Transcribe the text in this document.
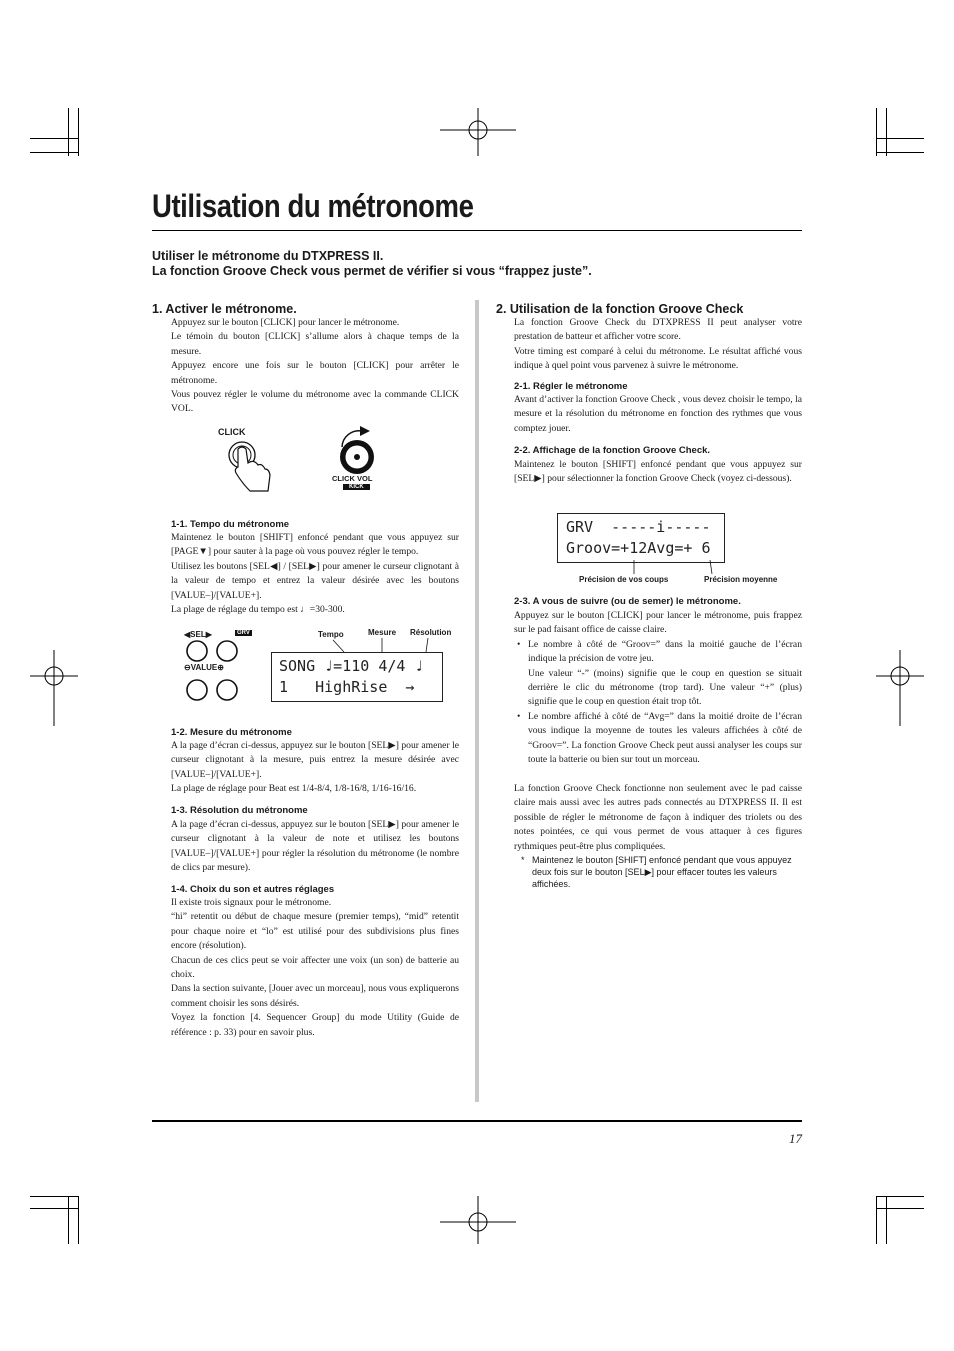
Utilisation du métronome
Utiliser le métronome du DTXPRESS II.
La fonction Groove Check vous permet de vérifier si vous “frappez juste”.
1. Activer le métronome.
Appuyez sur le bouton [CLICK] pour lancer le métronome.
Le témoin du bouton [CLICK] s’allume alors à chaque temps de la mesure.
Appuyez encore une fois sur le bouton [CLICK] pour arrêter le métronome.
Vous pouvez régler le volume du métronome avec la commande CLICK VOL.
CLICK
CLICK VOL
KICK
1-1. Tempo du métronome
Maintenez le bouton [SHIFT] enfoncé pendant que vous appuyez sur [PAGE▼] pour sauter à la page où vous pouvez régler le tempo.
Utilisez les boutons [SEL◀] / [SEL▶] pour amener le curseur clignotant à la valeur de tempo et entrez la valeur désirée avec les boutons [VALUE–]/[VALUE+].
La plage de réglage du tempo est ♩=30-300.
◀SEL▶	GRV
⊖VALUE⊕
Tempo	Mesure Résolution
SONG ♩=110 4/4 ♩
1   HighRise  →
1-2. Mesure du métronome
A la page d’écran ci-dessus, appuyez sur le bouton [SEL▶] pour amener le curseur clignotant à la mesure, puis entrez la mesure désirée avec [VALUE–]/[VALUE+].
La plage de réglage pour Beat est 1/4-8/4, 1/8-16/8, 1/16-16/16.
1-3. Résolution du métronome
A la page d’écran ci-dessus, appuyez sur le bouton [SEL▶] pour amener le curseur clignotant à la valeur de note et utilisez les boutons [VALUE–]/[VALUE+] pour régler la résolution du métronome (le nombre de clics par mesure).
1-4. Choix du son et autres réglages
Il existe trois signaux pour le métronome.
“hi” retentit ou début de chaque mesure (premier temps), “mid” retentit pour chaque noire et “lo” est utilisé pour des subdivisions plus fines encore (résolution).
Chacun de ces clics peut se voir affecter une voix (un son) de batterie au choix.
Dans la section suivante, [Jouer avec un morceau], nous vous expliquerons comment choisir les sons désirés.
Voyez la fonction [4. Sequencer Group] du mode Utility (Guide de référence : p. 33) pour en savoir plus.
2. Utilisation de la fonction Groove Check
La fonction Groove Check du DTXPRESS II peut analyser votre prestation de batteur et afficher votre score.
Votre timing est comparé à celui du métronome. Le résultat affiché vous indique à quel point vous parvenez à suivre le métronome.
2-1. Régler le métronome
Avant d’activer la fonction Groove Check , vous devez choisir le tempo, la mesure et la résolution du métronome en fonction des rythmes que vous comptez jouer.
2-2. Affichage de la fonction Groove Check.
Maintenez le bouton [SHIFT] enfoncé pendant que vous appuyez sur [SEL▶] pour sélectionner la fonction Groove Check (voyez ci-dessous).
GRV  -----i-----
Groov=+12Avg=+ 6
Précision de vos coups	Précision moyenne
2-3. A vous de suivre (ou de semer) le métronome.
Appuyez sur le bouton [CLICK] pour lancer le métronome, puis frappez sur le pad faisant office de caisse claire.
• Le nombre à côté de “Groov=” dans la moitié gauche de l’écran indique la précision de votre jeu.
Une valeur “-” (moins) signifie que le coup en question se situait derrière le clic du métronome (trop tard). Une valeur “+” (plus) signifie que le coup en question était trop tôt.
• Le nombre affiché à côté de “Avg=” dans la moitié droite de l’écran vous indique la moyenne de toutes les valeurs affichées à côté de “Groov=”. La fonction Groove Check peut aussi analyser les coups sur toute la batterie ou bien sur tout un morceau.
La fonction Groove Check fonctionne non seulement avec le pad caisse claire mais aussi avec les autres pads connectés au DTXPRESS II. Il est possible de régler le métronome de façon à indiquer des triolets ou des notes pointées, ce qui vous permet de vous attaquer à ces figures rythmiques peut-être plus compliquées.
* Maintenez le bouton [SHIFT] enfoncé pendant que vous appuyez deux fois sur le bouton [SEL▶] pour effacer toutes les valeurs affichées.
17
